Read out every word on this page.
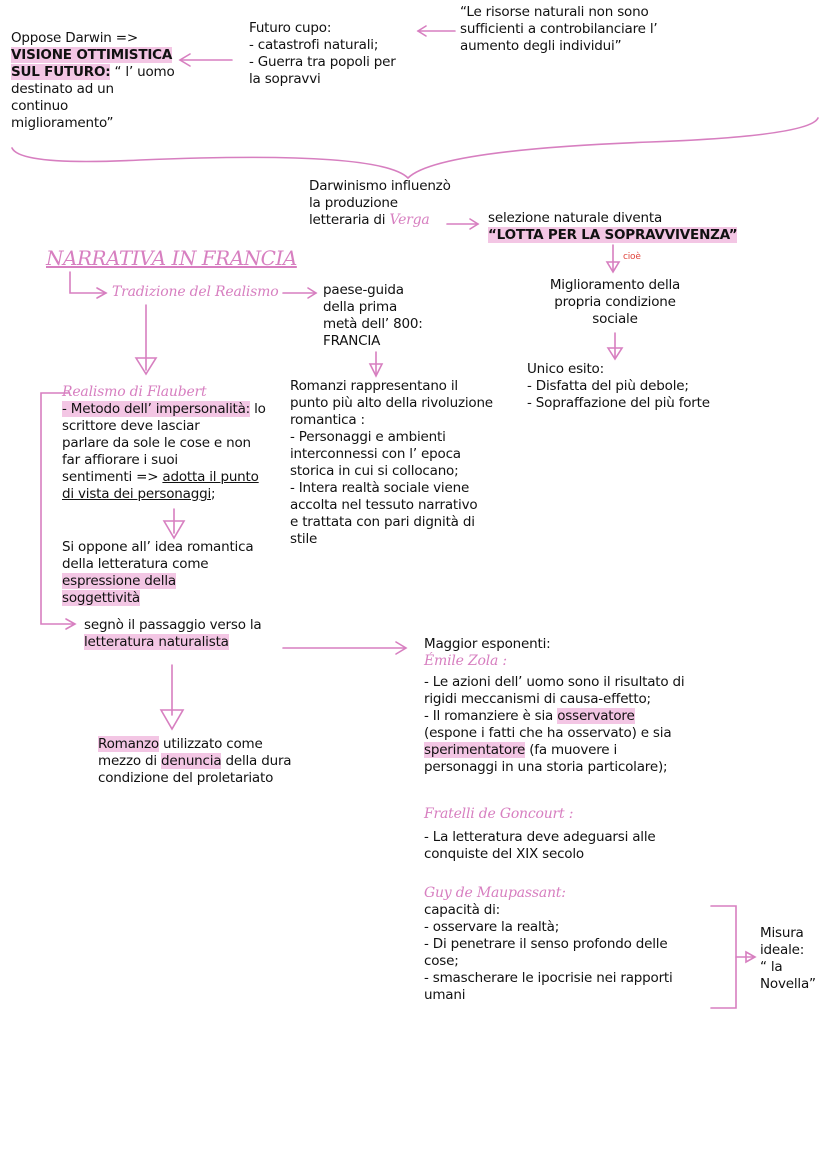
Oppose Darwin =>
VISIONE OTTIMISTICA
SUL FUTURO: “ l’ uomo
destinato ad un
continuo
miglioramento”
Futuro cupo:
- catastrofi naturali;
- Guerra tra popoli per
la sopravvi
“Le risorse naturali non sono
sufficienti a controbilanciare l’
aumento degli individui”
Darwinismo influenzò
la produzione
letteraria di Verga	selezione naturale diventa
“LOTTA PER LA SOPRAVVIVENZA”
cioè
Miglioramento della
propria condizione
sociale
Unico esito:
- Disfatta del più debole;
- Sopraffazione del più forte
NARRATIVA IN FRANCIA
Tradizione del Realismo	paese-guida
della prima
metà dell’ 800:
FRANCIA
Romanzi rappresentano il
punto più alto della rivoluzione
romantica :
- Personaggi e ambienti
interconnessi con l’ epoca
storica in cui si collocano;
- Intera realtà sociale viene
accolta nel tessuto narrativo
e trattata con pari dignità di
stile
Realismo di Flaubert
- Metodo dell’ impersonalità: lo
scrittore deve lasciar
parlare da sole le cose e non
far affiorare i suoi
sentimenti => adotta il punto
di vista dei personaggi;
Si oppone all’ idea romantica
della letteratura come
espressione della
soggettività
segnò il passaggio verso la
letteratura naturalista
Romanzo utilizzato come
mezzo di denuncia della dura
condizione del proletariato
Maggior esponenti:
Émile Zola :
- Le azioni dell’ uomo sono il risultato di
rigidi meccanismi di causa-effetto;
- Il romanziere è sia osservatore
(espone i fatti che ha osservato) e sia
sperimentatore (fa muovere i
personaggi in una storia particolare);
Fratelli de Goncourt :
- La letteratura deve adeguarsi alle
conquiste del XIX secolo
Guy de Maupassant:
capacità di:
- osservare la realtà;
- Di penetrare il senso profondo delle
cose;
- smascherare le ipocrisie nei rapporti
umani
Misura
ideale:
“ la
Novella”
